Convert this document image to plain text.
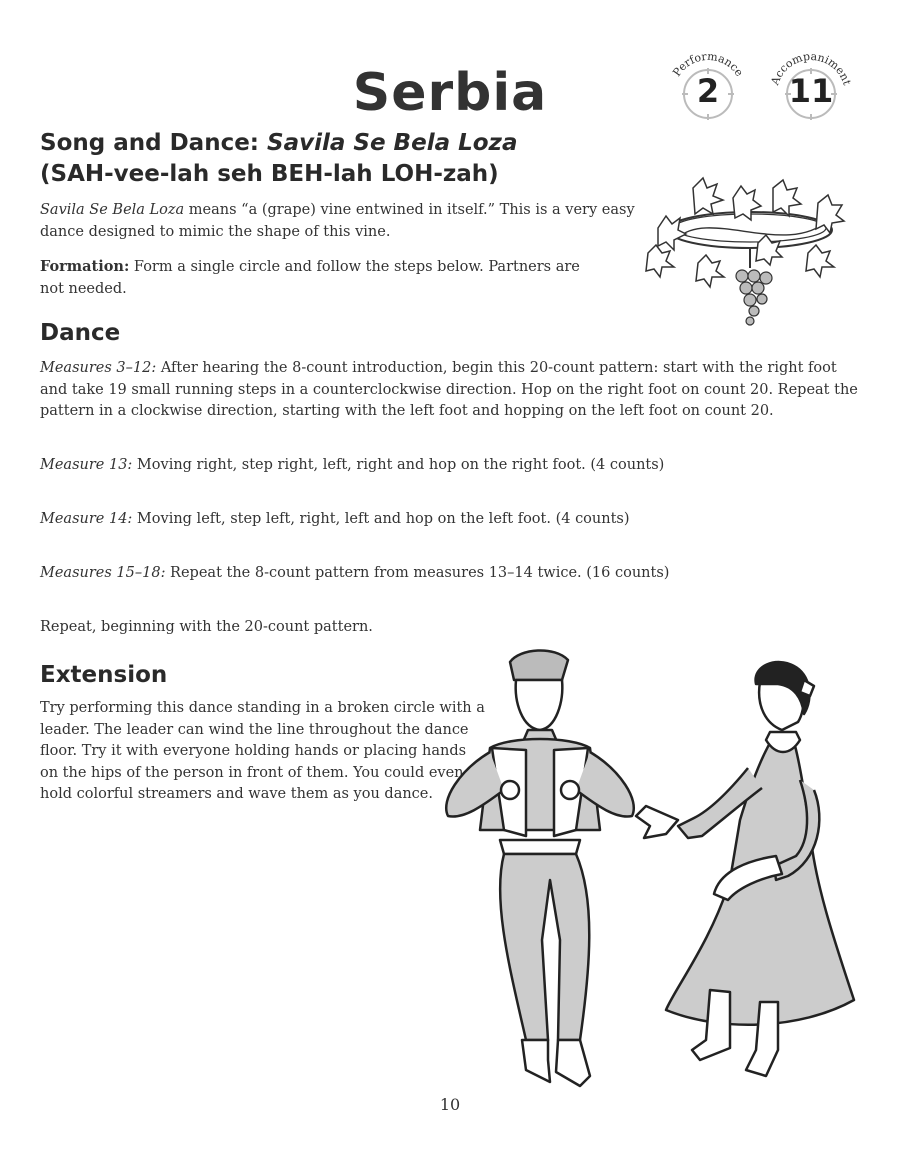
Serbia	Performance
2	Accompaniment
11
Song and Dance: Savila Se Bela Loza
(SAH-vee-lah seh BEH-lah LOH-zah)

Savila Se Bela Loza means “a (grape) vine entwined in itself.” This is a very easy dance designed to mimic the shape of this vine.

Formation: Form a single circle and follow the steps below. Partners are not needed.

Dance

Measures 3–12: After hearing the 8-count introduction, begin this 20-count pattern: start with the right foot and take 19 small running steps in a counterclockwise direction. Hop on the right foot on count 20. Repeat the pattern in a clockwise direction, starting with the left foot and hopping on the left foot on count 20.

Measure 13: Moving right, step right, left, right and hop on the right foot. (4 counts)

Measure 14: Moving left, step left, right, left and hop on the left foot. (4 counts)

Measures 15–18: Repeat the 8-count pattern from measures 13–14 twice. (16 counts)

Repeat, beginning with the 20-count pattern.

Extension

Try performing this dance standing in a broken circle with a leader. The leader can wind the line throughout the dance floor. Try it with everyone holding hands or placing hands on the hips of the person in front of them. You could even hold colorful streamers and wave them as you dance.

10
